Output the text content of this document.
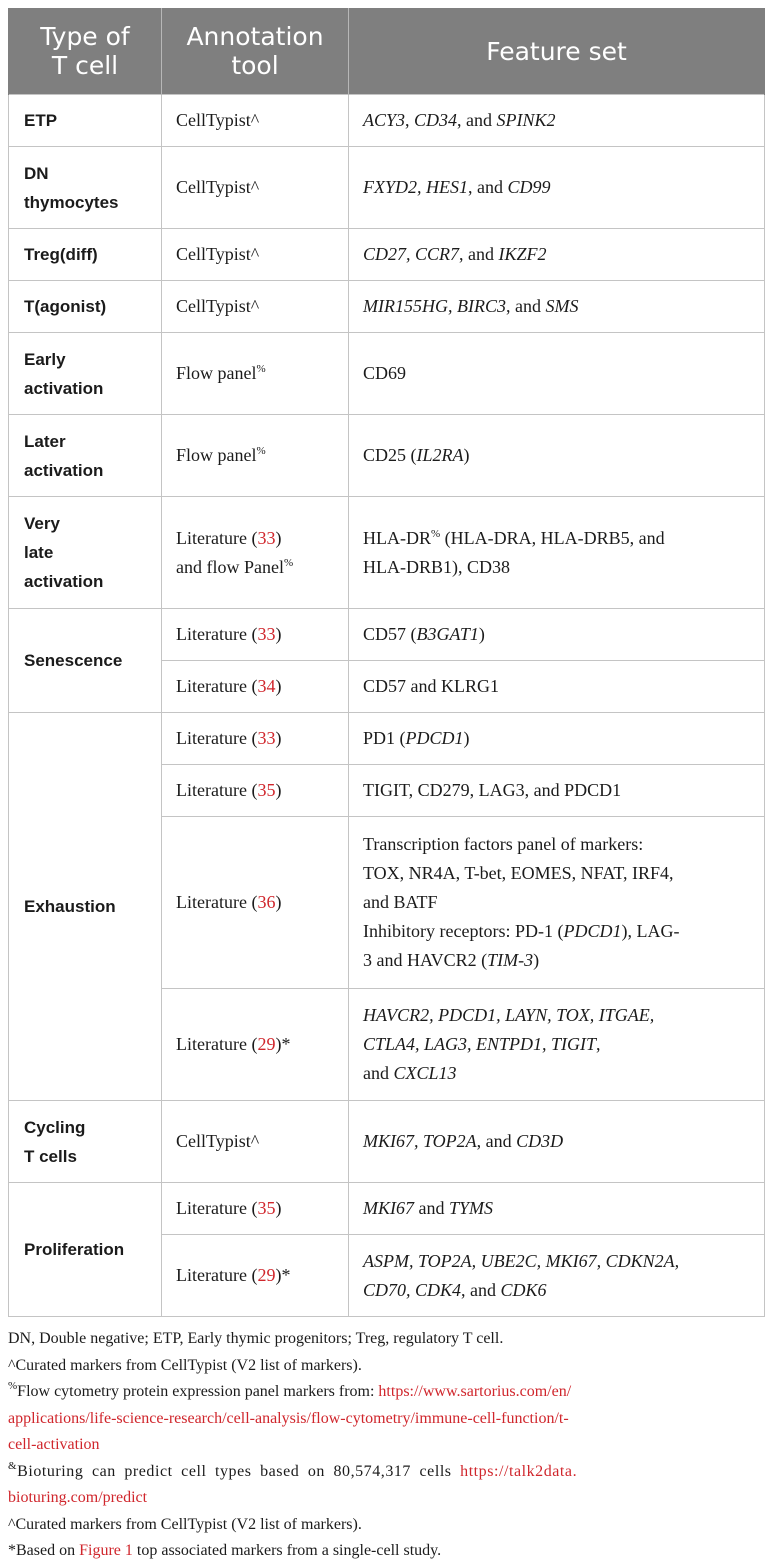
Type of
T cell	Annotation
tool	Feature set
ETP	CellTypist^	ACY3, CD34, and SPINK2
DN
thymocytes	CellTypist^	FXYD2, HES1, and CD99
Treg(diff)	CellTypist^	CD27, CCR7, and IKZF2
T(agonist)	CellTypist^	MIR155HG, BIRC3, and SMS
Early
activation	Flow panel%	CD69
Later
activation	Flow panel%	CD25 (IL2RA)
Very
late
activation	Literature (33)
and flow Panel%	HLA-DR% (HLA-DRA, HLA-DRB5, and
HLA-DRB1), CD38
Senescence	Literature (33)	CD57 (B3GAT1)
	Literature (34)	CD57 and KLRG1
Exhaustion	Literature (33)	PD1 (PDCD1)
	Literature (35)	TIGIT, CD279, LAG3, and PDCD1
	Literature (36)	Transcription factors panel of markers:
TOX, NR4A, T-bet, EOMES, NFAT, IRF4,
and BATF
Inhibitory receptors: PD-1 (PDCD1), LAG-
3 and HAVCR2 (TIM-3)
	Literature (29)*	HAVCR2, PDCD1, LAYN, TOX, ITGAE,
CTLA4, LAG3, ENTPD1, TIGIT,
and CXCL13
Cycling
T cells	CellTypist^	MKI67, TOP2A, and CD3D
Proliferation	Literature (35)	MKI67 and TYMS
	Literature (29)*	ASPM, TOP2A, UBE2C, MKI67, CDKN2A,
CD70, CDK4, and CDK6
DN, Double negative; ETP, Early thymic progenitors; Treg, regulatory T cell.
^Curated markers from CellTypist (V2 list of markers).
%Flow cytometry protein expression panel markers from: https://www.sartorius.com/en/
applications/life-science-research/cell-analysis/flow-cytometry/immune-cell-function/t-
cell-activation
&Bioturing can predict cell types based on 80,574,317 cells https://talk2data.
bioturing.com/predict
^Curated markers from CellTypist (V2 list of markers).
*Based on Figure 1 top associated markers from a single-cell study.
